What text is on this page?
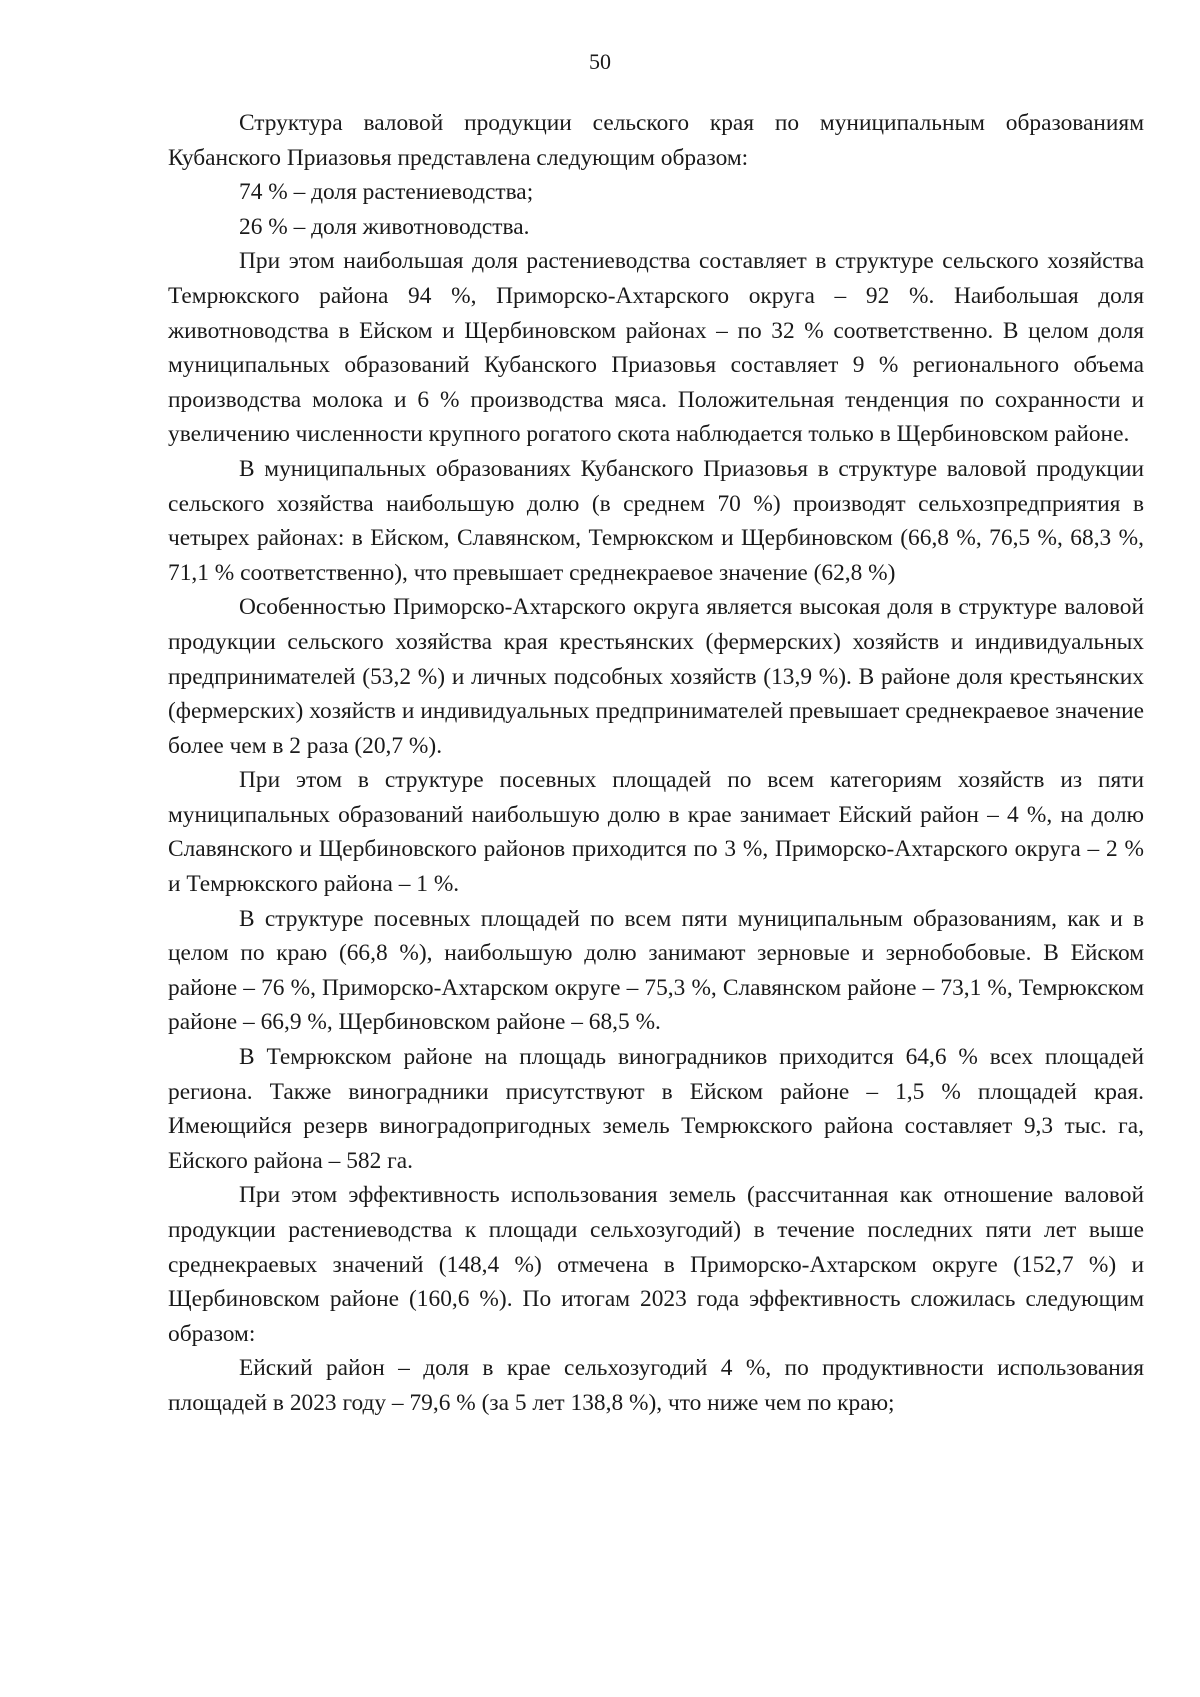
50

Структура валовой продукции сельского края по муниципальным образованиям Кубанского Приазовья представлена следующим образом:

74 % – доля растениеводства;

26 % – доля животноводства.

При этом наибольшая доля растениеводства составляет в структуре сельского хозяйства Темрюкского района 94 %, Приморско-Ахтарского округа – 92 %. Наибольшая доля животноводства в Ейском и Щербиновском районах – по 32 % соответственно. В целом доля муниципальных образований Кубанского Приазовья составляет 9 % регионального объема производства молока и 6 % производства мяса. Положительная тенденция по сохранности и увеличению численности крупного рогатого скота наблюдается только в Щербиновском районе.

В муниципальных образованиях Кубанского Приазовья в структуре валовой продукции сельского хозяйства наибольшую долю (в среднем 70 %) производят сельхозпредприятия в четырех районах: в Ейском, Славянском, Темрюкском и Щербиновском (66,8 %, 76,5 %, 68,3 %, 71,1 % соответственно), что превышает среднекраевое значение (62,8 %)

Особенностью Приморско-Ахтарского округа является высокая доля в структуре валовой продукции сельского хозяйства края крестьянских (фермерских) хозяйств и индивидуальных предпринимателей (53,2 %) и личных подсобных хозяйств (13,9 %). В районе доля крестьянских (фермерских) хозяйств и индивидуальных предпринимателей превышает среднекраевое значение более чем в 2 раза (20,7 %).

При этом в структуре посевных площадей по всем категориям хозяйств из пяти муниципальных образований наибольшую долю в крае занимает Ейский район – 4 %, на долю Славянского и Щербиновского районов приходится по 3 %, Приморско-Ахтарского округа – 2 % и Темрюкского района – 1 %.

В структуре посевных площадей по всем пяти муниципальным образованиям, как и в целом по краю (66,8 %), наибольшую долю занимают зерновые и зернобобовые. В Ейском районе – 76 %, Приморско-Ахтарском округе – 75,3 %, Славянском районе – 73,1 %, Темрюкском районе – 66,9 %, Щербиновском районе – 68,5 %.

В Темрюкском районе на площадь виноградников приходится 64,6 % всех площадей региона. Также виноградники присутствуют в Ейском районе – 1,5 % площадей края. Имеющийся резерв виноградопригодных земель Темрюкского района составляет 9,3 тыс. га, Ейского района – 582 га.

При этом эффективность использования земель (рассчитанная как отношение валовой продукции растениеводства к площади сельхозугодий) в течение последних пяти лет выше среднекраевых значений (148,4 %) отмечена в Приморско-Ахтарском округе (152,7 %) и Щербиновском районе (160,6 %). По итогам 2023 года эффективность сложилась следующим образом:

Ейский район – доля в крае сельхозугодий 4 %, по продуктивности использования площадей в 2023 году – 79,6 % (за 5 лет 138,8 %), что ниже чем по краю;
